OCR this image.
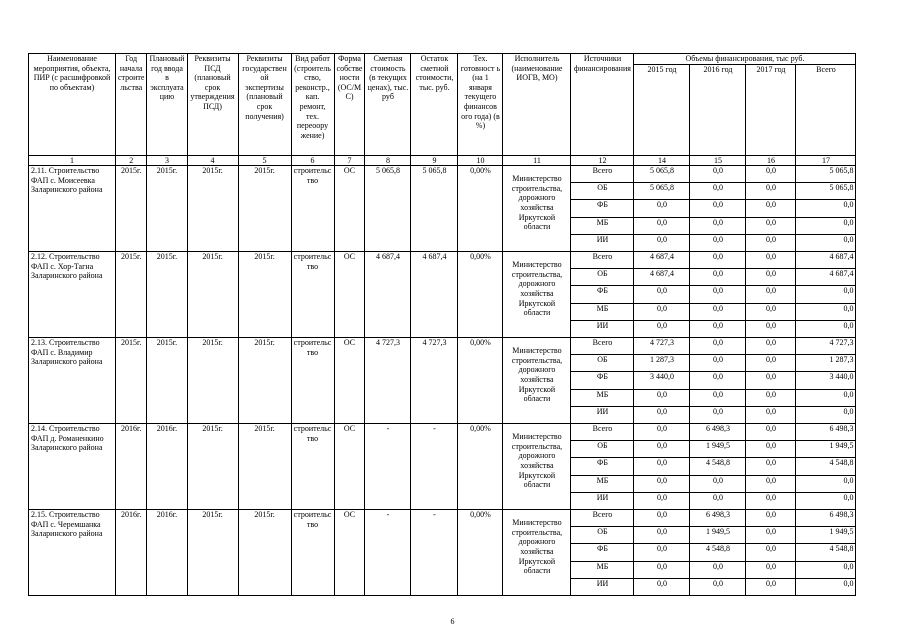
Наименование мероприятия, объекта, ПИР (с расшифровкой по объектам)	Год начала строите льства	Плановый год ввода в эксплуата цию	Реквизиты ПСД (плановый срок утверждения ПСД)	Реквизиты государствен ой экспертизы (плановый срок получения)	Вид работ (строитель ство, реконстр., кап. ремонт, тех. переоору жение)	Форма собстве ности (ОС/М С)	Сметная стоимость (в текущих ценах), тыс. руб	Остаток сметной стоимости, тыс. руб.	Тех. готовност ь (на 1 января текущего финансов ого года) (в %)	Исполнитель (наименование ИОГВ, МО)	Источники финансирования	Объемы финансирования, тыс руб.			
												2015 год	2016 год	2017 год	Всего
1	2	3	4	5	6	7	8	9	10	11	12	14	15	16	17
2.11. Строительство ФАП с. Моисеевка Заларинского района	2015г.	2015г.	2015г.	2015г.	строительс тво	ОС	5 065,8	5 065,8	0,00%	Министерство строительства, дорожного хозяйства Иркутской области	Всего	5 065,8	0,0	0,0	5 065,8
											ОБ	5 065,8	0,0	0,0	5 065,8
											ФБ	0,0	0,0	0,0	0,0
											МБ	0,0	0,0	0,0	0,0
											ИИ	0,0	0,0	0,0	0,0
2.12. Строительство ФАП с. Хор-Тагна Заларинского района	2015г.	2015г.	2015г.	2015г.	строительс тво	ОС	4 687,4	4 687,4	0,00%	Министерство строительства, дорожного хозяйства Иркутской области	Всего	4 687,4	0,0	0,0	4 687,4
											ОБ	4 687,4	0,0	0,0	4 687,4
											ФБ	0,0	0,0	0,0	0,0
											МБ	0,0	0,0	0,0	0,0
											ИИ	0,0	0,0	0,0	0,0
2.13. Строительство ФАП с. Владимир Заларинского района	2015г.	2015г.	2015г.	2015г.	строительс тво	ОС	4 727,3	4 727,3	0,00%	Министерство строительства, дорожного хозяйства Иркутской области	Всего	4 727,3	0,0	0,0	4 727,3
											ОБ	1 287,3	0,0	0,0	1 287,3
											ФБ	3 440,0	0,0	0,0	3 440,0
											МБ	0,0	0,0	0,0	0,0
											ИИ	0,0	0,0	0,0	0,0
2.14. Строительство ФАП д. Романенкино Заларинского района	2016г.	2016г.	2015г.	2015г.	строительс тво	ОС	-	-	0,00%	Министерство строительства, дорожного хозяйства Иркутской области	Всего	0,0	6 498,3	0,0	6 498,3
											ОБ	0,0	1 949,5	0,0	1 949,5
											ФБ	0,0	4 548,8	0,0	4 548,8
											МБ	0,0	0,0	0,0	0,0
											ИИ	0,0	0,0	0,0	0,0
2.15. Строительство ФАП с. Черемшанка Заларинского района	2016г.	2016г.	2015г.	2015г.	строительс тво	ОС	-	-	0,00%	Министерство строительства, дорожного хозяйства Иркутской области	Всего	0,0	6 498,3	0,0	6 498,3
											ОБ	0,0	1 949,5	0,0	1 949,5
											ФБ	0,0	4 548,8	0,0	4 548,8
											МБ	0,0	0,0	0,0	0,0
											ИИ	0,0	0,0	0,0	0,0
6
